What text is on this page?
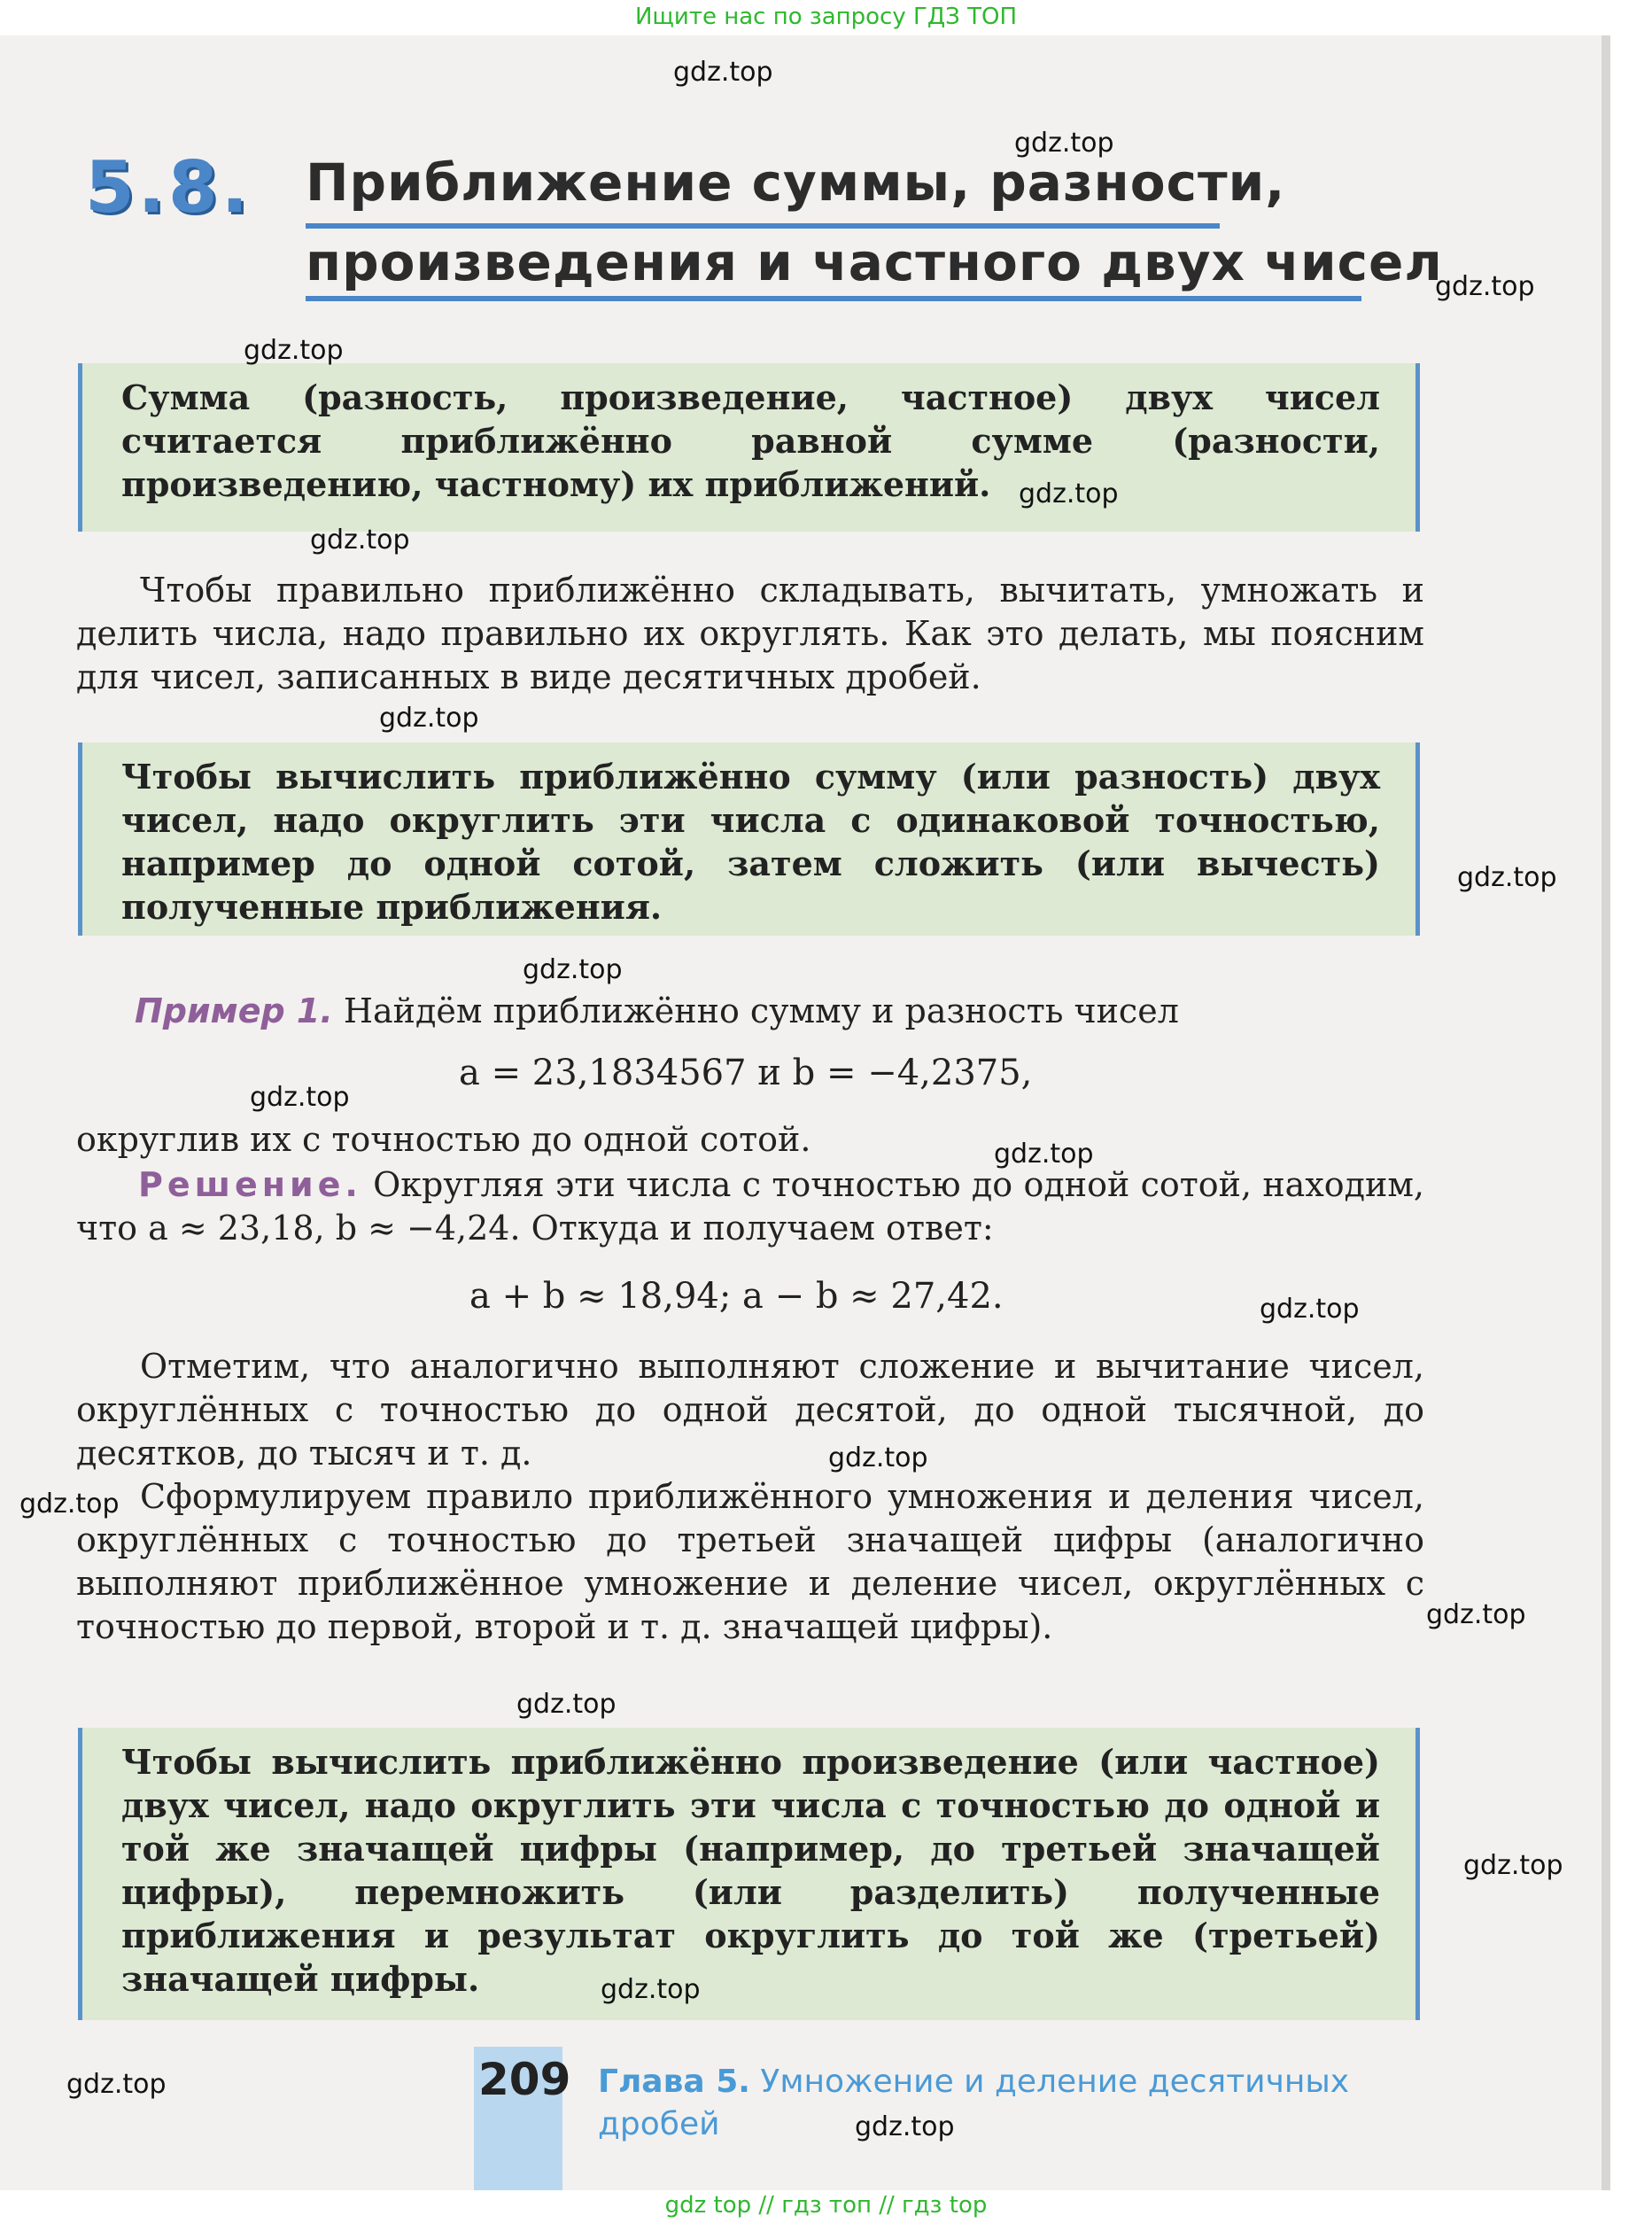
Ищите нас по запросу ГДЗ ТОП
5.8. Приближение суммы, разности,
произведения и частного двух чисел
Сумма (разность, произведение, частное) двух чисел считается приближённо равной сумме (разности, произведению, частному) их приближений.
Чтобы правильно приближённо складывать, вычитать, умножать и делить числа, надо правильно их округлять. Как это делать, мы поясним для чисел, записанных в виде десятичных дробей.
Чтобы вычислить приближённо сумму (или разность) двух чисел, надо округлить эти числа с одинаковой точностью, например до одной сотой, затем сложить (или вычесть) полученные приближения.
Пример 1. Найдём приближённо сумму и разность чисел
a = 23,1834567 и b = −4,2375,
округлив их с точностью до одной сотой.
Решение. Округляя эти числа с точностью до одной сотой, находим, что a ≈ 23,18, b ≈ −4,24. Откуда и получаем ответ:
a + b ≈ 18,94; a − b ≈ 27,42.
Отметим, что аналогично выполняют сложение и вычитание чисел, округлённых с точностью до одной десятой, до одной тысячной, до десятков, до тысяч и т. д.
Сформулируем правило приближённого умножения и деления чисел, округлённых с точностью до третьей значащей цифры (аналогично выполняют приближённое умножение и деление чисел, округлённых с точностью до первой, второй и т. д. значащей цифры).
Чтобы вычислить приближённо произведение (или частное) двух чисел, надо округлить эти числа с точностью до одной и той же значащей цифры (например, до третьей значащей цифры), перемножить (или разделить) полученные приближения и результат округлить до той же (третьей) значащей цифры.
209 Глава 5. Умножение и деление десятичных дробей
gdz.top
gdz.top
gdz.top
gdz.top
gdz.top
gdz.top
gdz.top
gdz.top
gdz.top
gdz.top
gdz.top
gdz.top
gdz.top
gdz.top
gdz.top
gdz.top
gdz.top
gdz.top
gdz.top
gdz.top
gdz top // гдз топ // гдз top
